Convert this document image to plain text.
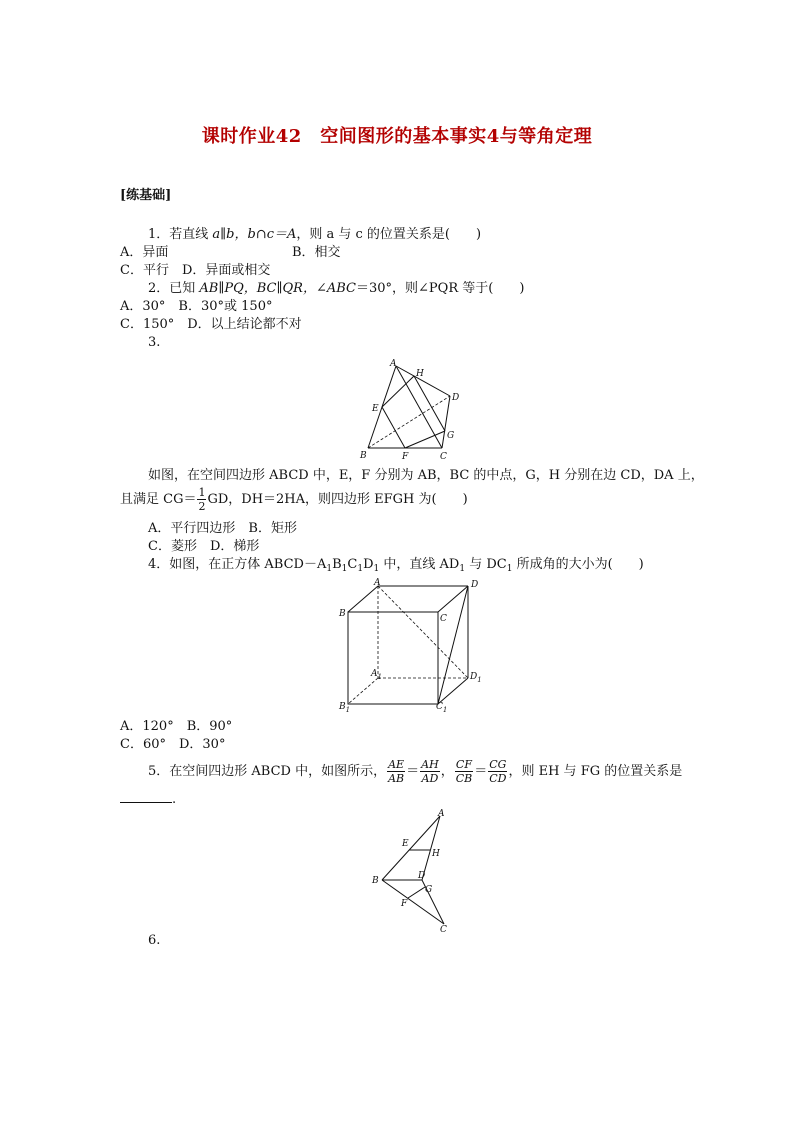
课时作业42　空间图形的基本事实4与等角定理
[练基础]
1．若直线 a∥b，b∩c＝A，则 a 与 c 的位置关系是(　　)
A．异面	B．相交
C．平行　D．异面或相交
2．已知 AB∥PQ，BC∥QR，∠ABC＝30°，则∠PQR 等于(　　)
A．30°　B．30°或 150°
C．150°　D．以上结论都不对
3.
A
H
D
E
G
B	F	C
如图，在空间四边形 ABCD 中，E，F 分别为 AB，BC 的中点，G，H 分别在边 CD，DA 上，
且满足 $CG= \frac{1}{2}$ GD，DH＝2HA，则四边形 EFGH 为(　　)
A．平行四边形　B．矩形
C．菱形　D．梯形
4．如图，在正方体 $ABCD-A_1B_1C_1D_1$ 中，直线 $AD_1$ 与 $DC_1$ 所成角的大小为(　　)
A	D
B	C
$A_1$	$D_1$
$B_1$	$C_1$
A．120°　B．90°
C．60°　D．30°
5．在空间四边形 ABCD 中，如图所示， $\frac{AE}{AB} = \frac{AH}{AD}$ ， $\frac{CF}{CB} = \frac{CG}{CD}$ ，则 EH 与 FG 的位置关系是
.
A
E
H
B	D
G
F
C
6.
